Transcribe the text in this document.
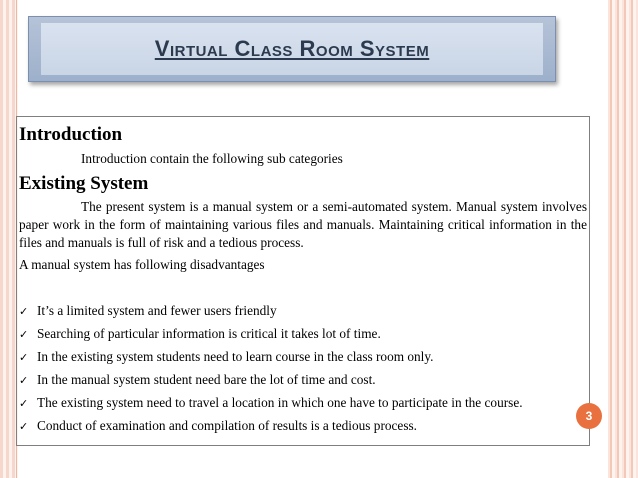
Virtual Class Room System
Introduction
Introduction contain the following sub categories
Existing System
The present system is a manual system or a semi-automated system. Manual system involves paper work in the form of maintaining various files and manuals. Maintaining critical information in the files and manuals is full of risk and a tedious process.
A manual system has following disadvantages
✓ It’s a limited system and fewer users friendly
✓ Searching of particular information is critical it takes lot of time.
✓ In the existing system students need to learn course in the class room only.
✓ In the manual system student need bare the lot of time and cost.
✓ The existing system need to travel a location in which one have to participate in the course.
✓ Conduct of examination and compilation of results is a tedious process.
3
